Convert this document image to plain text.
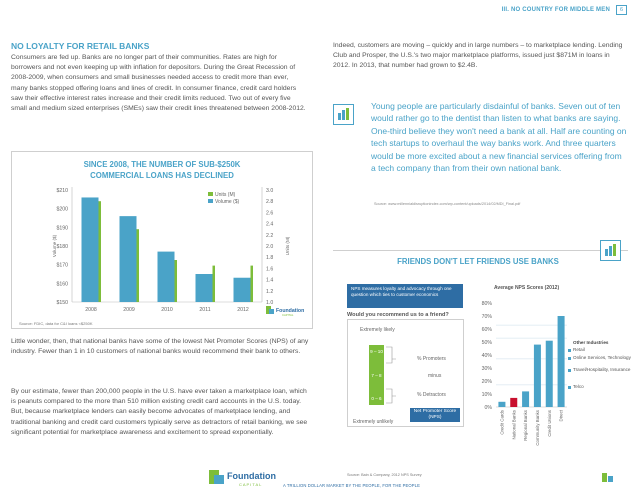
III. NO COUNTRY FOR MIDDLE MEN	6
NO LOYALTY FOR RETAIL BANKS
Consumers are fed up. Banks are no longer part of their communities. Rates are high for borrowers and not even keeping up with inflation for depositors. During the Great Recession of 2008-2009, when consumers and small businesses needed access to credit more than ever, many banks stopped offering loans and lines of credit. In consumer finance, credit card holders saw their effective interest rates increase and their credit limits reduced. Two out of every five small and medium sized enterprises (SMEs) saw their credit lines threatened between 2008-2012.
SINCE 2008, THE NUMBER OF SUB-$250K
COMMERCIAL LOANS HAS DECLINED
$150
$160
$170
$180
$190
$200
$210
1.0
1.2
1.4
1.6
1.8
2.0
2.2
2.4
2.6
2.8
3.0
Volume ($)	Units (M)
2008	2009	2010	2011	2012
Units (M)
Volume ($)
Foundation
CAPITAL
Source: FDIC, data for C&I loans <$250K
Little wonder, then, that national banks have some of the lowest Net Promoter Scores (NPS) of any industry. Fewer than 1 in 10 customers of national banks would recommend their bank to others.
By our estimate, fewer than 200,000 people in the U.S. have ever taken a marketplace loan, which is peanuts compared to the more than 510 million existing credit card accounts in the U.S. today. But, because marketplace lenders can easily become advocates of marketplace lending, and traditional banking and credit card customers typically serve as detractors of retail banking, we see significant potential for marketplace awareness and excitement to spread exponentially.
Indeed, customers are moving – quickly and in large numbers – to marketplace lending. Lending Club and Prosper, the U.S.'s two major marketplace platforms, issued just $871M in loans in 2012. In 2013, that number had grown to $2.4B.
Young people are particularly disdainful of banks. Seven out of ten would rather go to the dentist than listen to what banks are saying. One-third believe they won't need a bank at all. Half are counting on tech startups to overhaul the way banks work. And three quarters would be more excited about a new financial services offering from a tech company than from their own national bank.
Source: www.millennialdisruptionindex.com/wp-content/uploads/2014/02/MDI_Final.pdf
FRIENDS DON'T LET FRIENDS USE BANKS
NPS measures loyalty and advocacy through one question which ties to customer economics
Would you recommend us to a friend?
Extremely likely
9 – 10
7 – 8
0 – 6
% Promoters
minus
% Detractors
Extremely unlikely
Net Promoter Score
(NPS)
Source: Bain & Company, 2012 NPS Survey
Average NPS Scores (2012)
0%
10%
20%
30%
40%
50%
60%
70%
80%
Credit Cards National Banks Regional Banks Community Banks Credit Unions Direct
Other Industries
Retail
Online Services, Technology
Travel/Hospitality, Insurance
Telco
Foundation
CAPITAL	A TRILLION DOLLAR MARKET BY THE PEOPLE, FOR THE PEOPLE
